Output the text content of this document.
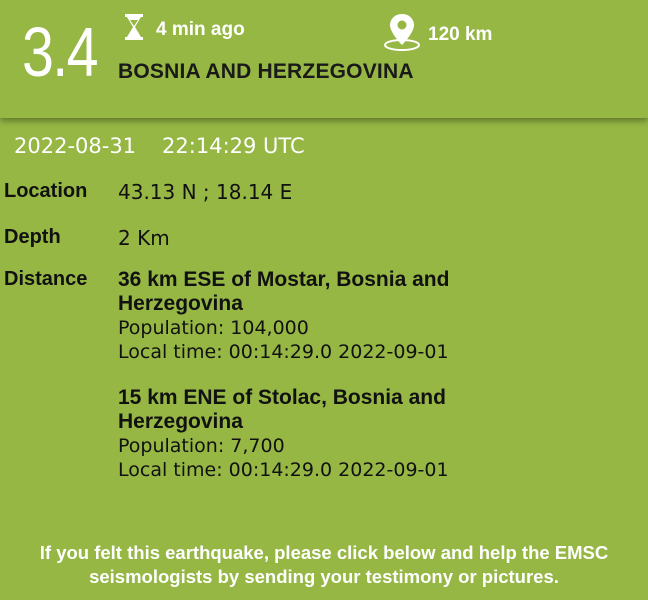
3.4	4 min ago	120 km
BOSNIA AND HERZEGOVINA
2022-08-31 22:14:29 UTC
Location	43.13 N ; 18.14 E
Depth	2 Km
Distance	36 km ESE of Mostar, Bosnia and Herzegovina
Population: 104,000
Local time: 00:14:29.0 2022-09-01
15 km ENE of Stolac, Bosnia and Herzegovina
Population: 7,700
Local time: 00:14:29.0 2022-09-01
If you felt this earthquake, please click below and help the EMSC seismologists by sending your testimony or pictures.
